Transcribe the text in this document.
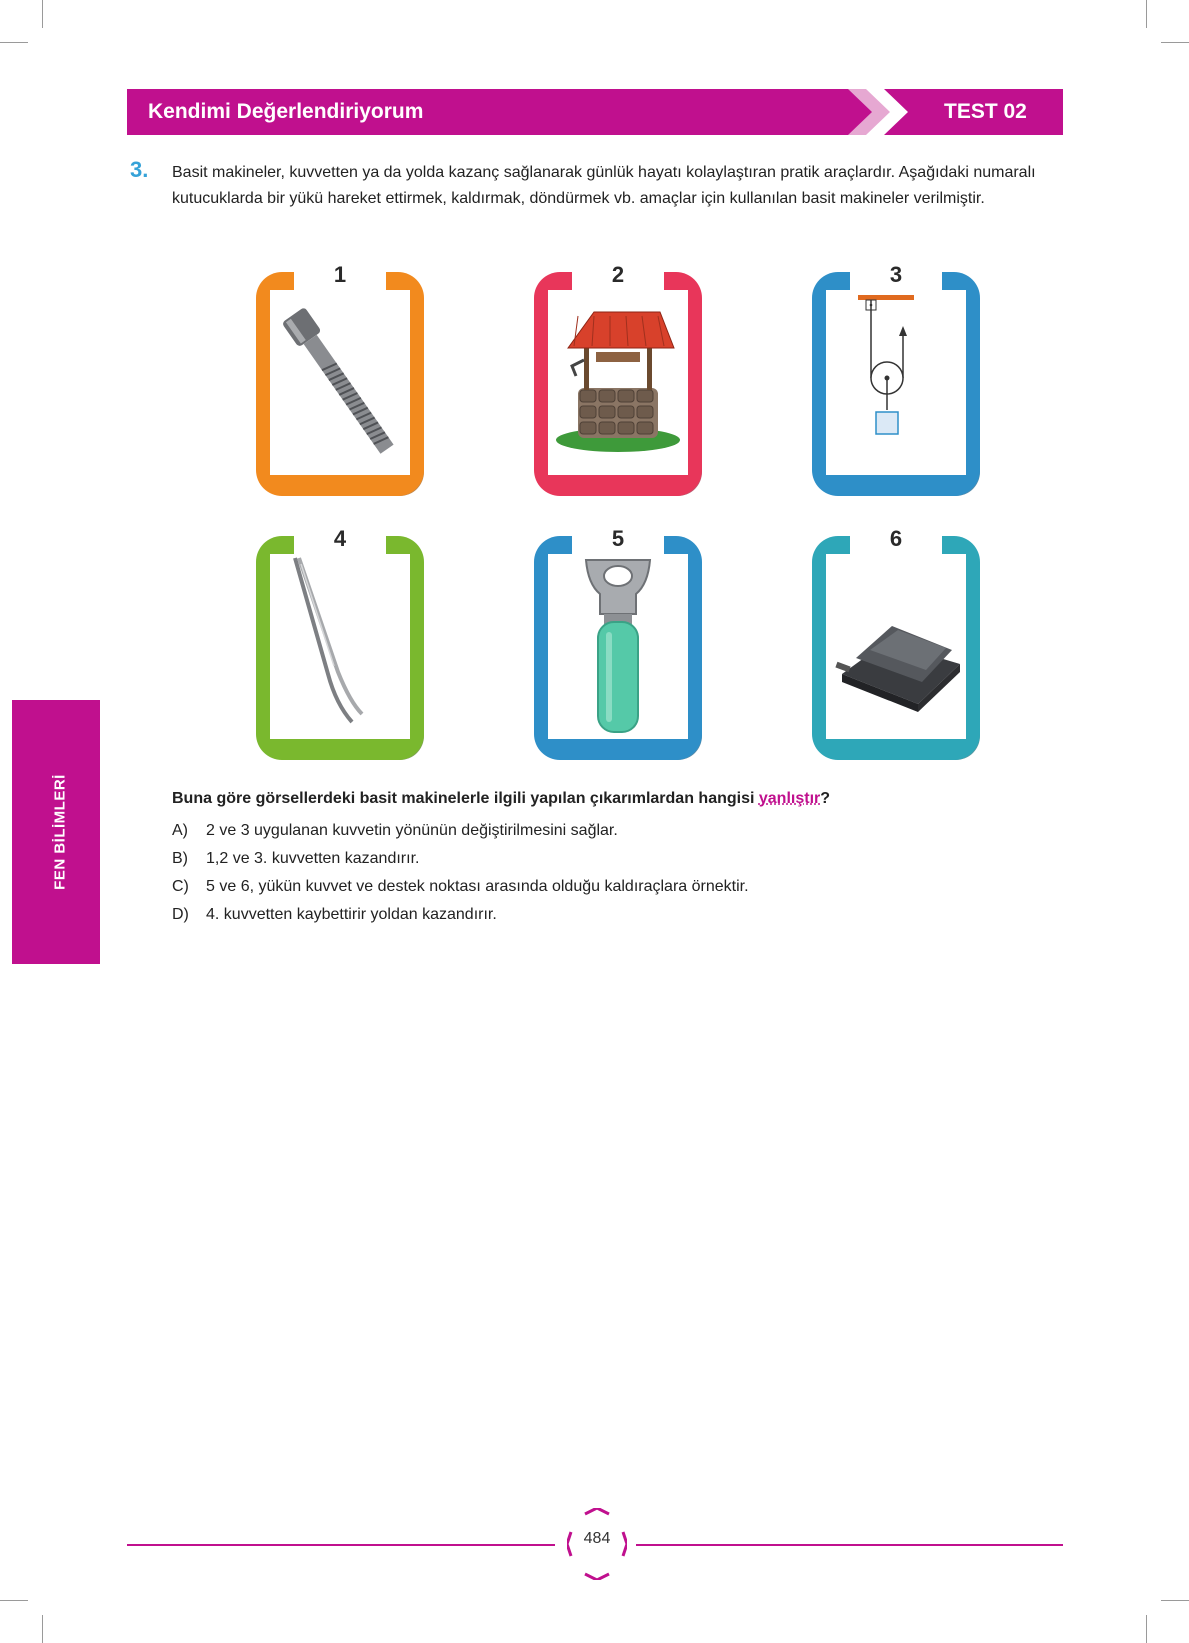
Kendimi Değerlendiriyorum	TEST 02
3. Basit makineler, kuvvetten ya da yolda kazanç sağlanarak günlük hayatı kolaylaştıran pratik araçlardır. Aşağıdaki numaralı kutucuklarda bir yükü hareket ettirmek, kaldırmak, döndürmek vb. amaçlar için kullanılan basit makineler verilmiştir.
1	2	3
4	5	6
Buna göre görsellerdeki basit makinelerle ilgili yapılan çıkarımlardan hangisi yanlıştır?
A) 2 ve 3 uygulanan kuvvetin yönünün değiştirilmesini sağlar.
B) 1,2 ve 3. kuvvetten kazandırır.
C) 5 ve 6, yükün kuvvet ve destek noktası arasında olduğu kaldıraçlara örnektir.
D) 4. kuvvetten kaybettirir yoldan kazandırır.
FEN BİLİMLERİ
484
